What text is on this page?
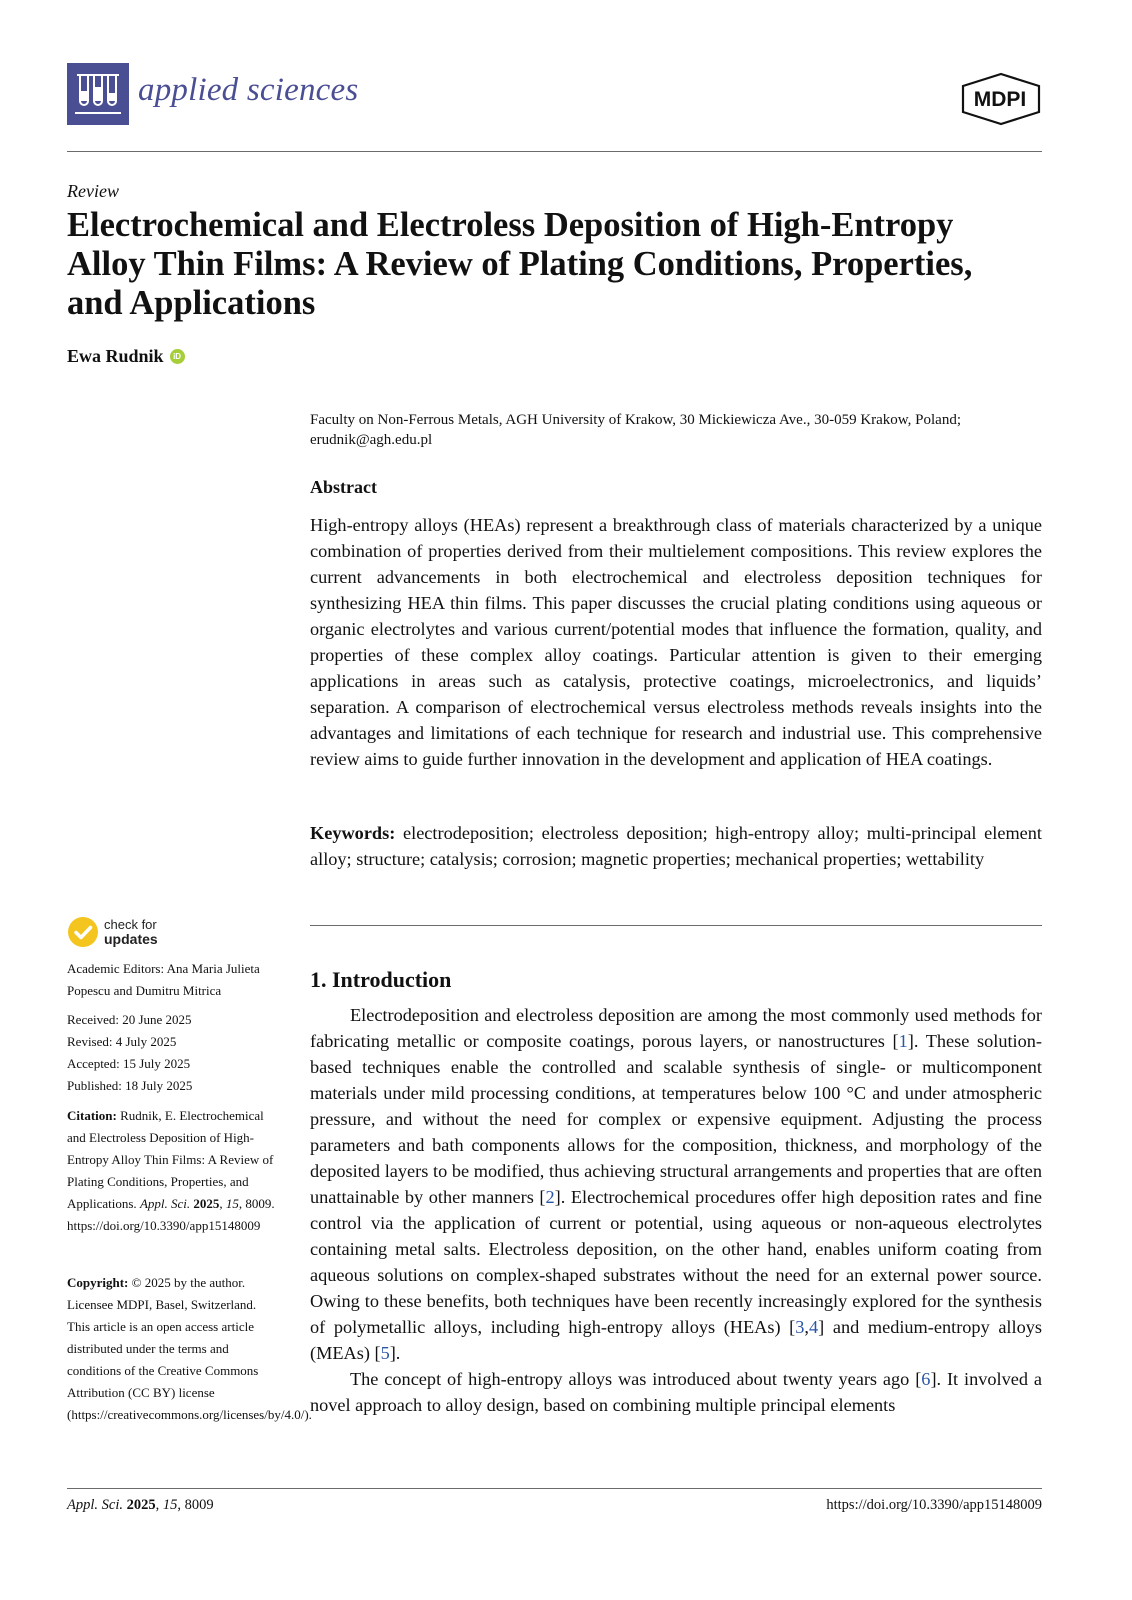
applied sciences	MDPI
Review
Electrochemical and Electroless Deposition of High-Entropy
Alloy Thin Films: A Review of Plating Conditions, Properties,
and Applications
Ewa Rudnik	iD
Faculty on Non-Ferrous Metals, AGH University of Krakow, 30 Mickiewicza Ave., 30-059 Krakow, Poland;
erudnik@agh.edu.pl
Abstract
High-entropy alloys (HEAs) represent a breakthrough class of materials characterized by a unique combination of properties derived from their multielement compositions. This review explores the current advancements in both electrochemical and electroless deposition techniques for synthesizing HEA thin films. This paper discusses the crucial plating conditions using aqueous or organic electrolytes and various current/potential modes that influence the formation, quality, and properties of these complex alloy coatings. Particular attention is given to their emerging applications in areas such as catalysis, protective coatings, microelectronics, and liquids’ separation. A comparison of electrochemical versus electroless methods reveals insights into the advantages and limitations of each technique for research and industrial use. This comprehensive review aims to guide further innovation in the development and application of HEA coatings.
Keywords: electrodeposition; electroless deposition; high-entropy alloy; multi-principal element alloy; structure; catalysis; corrosion; magnetic properties; mechanical properties; wettability
1. Introduction

Electrodeposition and electroless deposition are among the most commonly used methods for fabricating metallic or composite coatings, porous layers, or nanostructures [1]. These solution-based techniques enable the controlled and scalable synthesis of single- or multicomponent materials under mild processing conditions, at temperatures below 100 °C and under atmospheric pressure, and without the need for complex or expensive equipment. Adjusting the process parameters and bath components allows for the composition, thickness, and morphology of the deposited layers to be modified, thus achieving structural arrangements and properties that are often unattainable by other manners [2]. Electrochemical procedures offer high deposition rates and fine control via the application of current or potential, using aqueous or non-aqueous electrolytes containing metal salts. Electroless deposition, on the other hand, enables uniform coating from aqueous solutions on complex-shaped substrates without the need for an external power source. Owing to these benefits, both techniques have been recently increasingly explored for the synthesis of polymetallic alloys, including high-entropy alloys (HEAs) [3,4] and medium-entropy alloys (MEAs) [5].

The concept of high-entropy alloys was introduced about twenty years ago [6]. It involved a novel approach to alloy design, based on combining multiple principal elements

check for
updates
Academic Editors: Ana Maria Julieta Popescu and Dumitru Mitrica
Received: 20 June 2025
Revised: 4 July 2025
Accepted: 15 July 2025
Published: 18 July 2025
Citation: Rudnik, E. Electrochemical and Electroless Deposition of High-Entropy Alloy Thin Films: A Review of Plating Conditions, Properties, and Applications. Appl. Sci. 2025, 15, 8009. https://doi.org/10.3390/app15148009
Copyright: © 2025 by the author. Licensee MDPI, Basel, Switzerland. This article is an open access article distributed under the terms and conditions of the Creative Commons Attribution (CC BY) license (https://creativecommons.org/licenses/by/4.0/).
Appl. Sci. 2025, 15, 8009	https://doi.org/10.3390/app15148009
